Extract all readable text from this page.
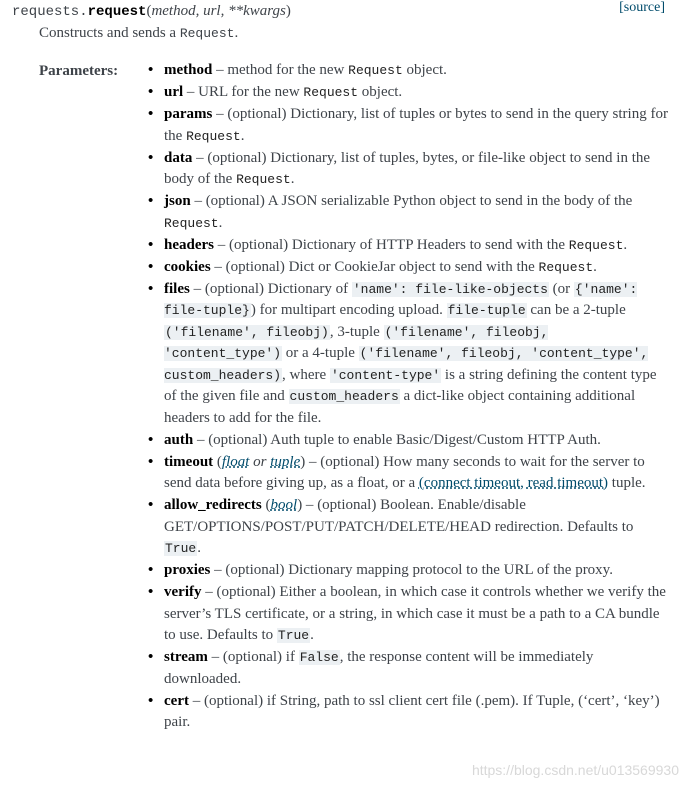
requests.request(method, url, **kwargs)	[source]
Constructs and sends a Request.
Parameters:
•	method – method for the new Request object.
• url – URL for the new Request object.
• params – (optional) Dictionary, list of tuples or bytes to send in the query string for the Request.
• data – (optional) Dictionary, list of tuples, bytes, or file-like object to send in the body of the Request.
• json – (optional) A JSON serializable Python object to send in the body of the Request.
• headers – (optional) Dictionary of HTTP Headers to send with the Request.
• cookies – (optional) Dict or CookieJar object to send with the Request.
• files – (optional) Dictionary of 'name': file-like-objects (or {'name': file-tuple}) for multipart encoding upload. file-tuple can be a 2-tuple ('filename', fileobj), 3-tuple ('filename', fileobj, 'content_type') or a 4-tuple ('filename', fileobj, 'content_type', custom_headers), where 'content-type' is a string defining the content type of the given file and custom_headers a dict-like object containing additional headers to add for the file.
• auth – (optional) Auth tuple to enable Basic/Digest/Custom HTTP Auth.
• timeout (float or tuple) – (optional) How many seconds to wait for the server to send data before giving up, as a float, or a (connect timeout, read timeout) tuple.
• allow_redirects (bool) – (optional) Boolean. Enable/disable GET/OPTIONS/POST/PUT/PATCH/DELETE/HEAD redirection. Defaults to True.
• proxies – (optional) Dictionary mapping protocol to the URL of the proxy.
• verify – (optional) Either a boolean, in which case it controls whether we verify the server’s TLS certificate, or a string, in which case it must be a path to a CA bundle to use. Defaults to True.
• stream – (optional) if False, the response content will be immediately downloaded.
• cert – (optional) if String, path to ssl client cert file (.pem). If Tuple, (‘cert’, ‘key’) pair.
https://blog.csdn.net/u013569930
